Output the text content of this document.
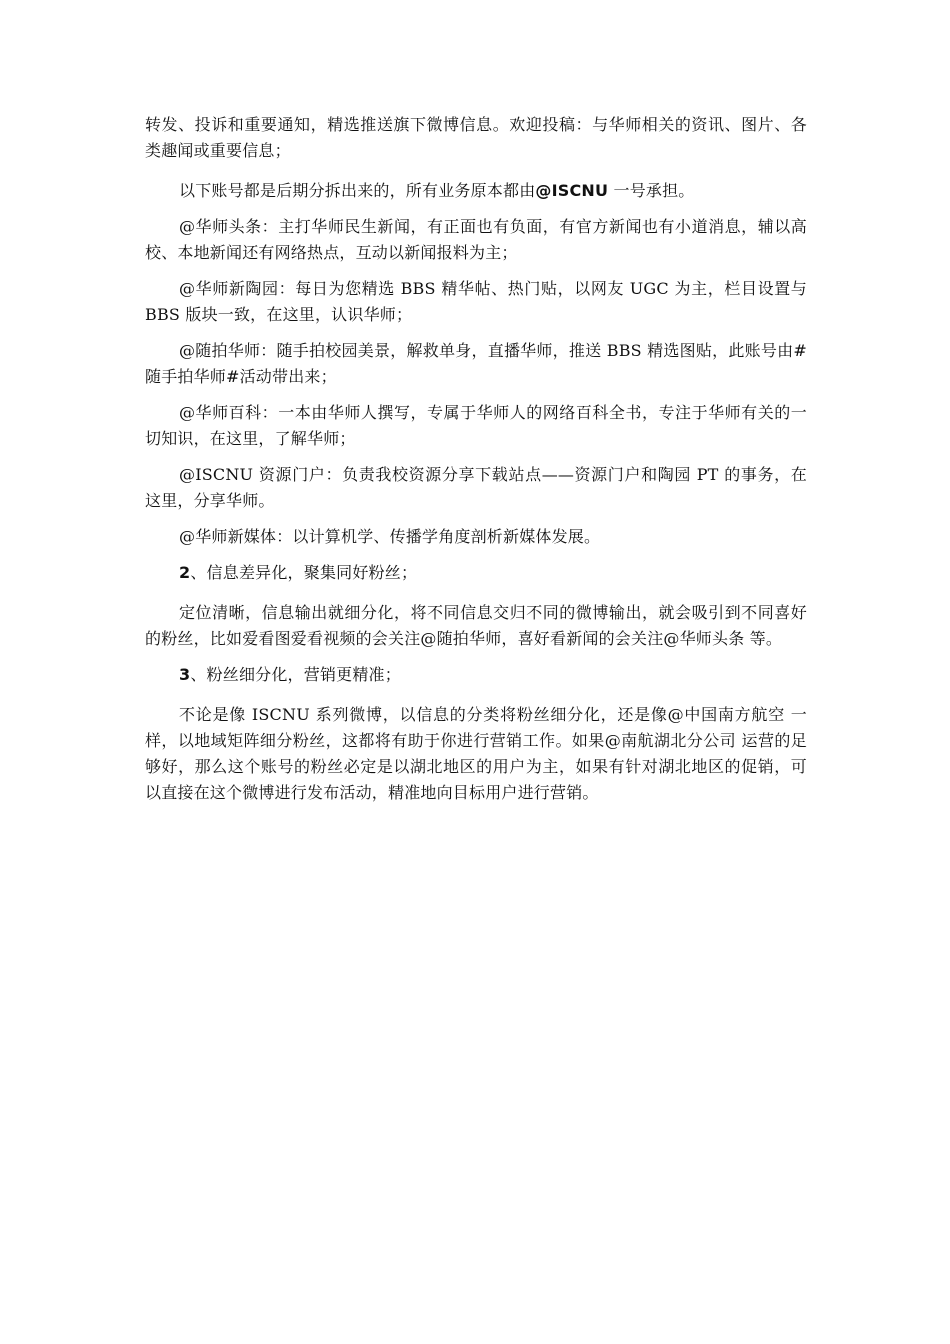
转发、投诉和重要通知，精选推送旗下微博信息。欢迎投稿：与华师相关的资讯、图片、各类趣闻或重要信息；

以下账号都是后期分拆出来的，所有业务原本都由@ISCNU 一号承担。

@华师头条：主打华师民生新闻，有正面也有负面，有官方新闻也有小道消息，辅以高校、本地新闻还有网络热点，互动以新闻报料为主；

@华师新陶园：每日为您精选 BBS 精华帖、热门贴，以网友 UGC 为主，栏目设置与 BBS 版块一致，在这里，认识华师；

@随拍华师：随手拍校园美景，解救单身，直播华师，推送 BBS 精选图贴，此账号由#随手拍华师#活动带出来；

@华师百科：一本由华师人撰写，专属于华师人的网络百科全书，专注于华师有关的一切知识，在这里，了解华师；

@ISCNU 资源门户：负责我校资源分享下载站点——资源门户和陶园 PT 的事务，在这里，分享华师。

@华师新媒体：以计算机学、传播学角度剖析新媒体发展。

2、信息差异化，聚集同好粉丝；

定位清晰，信息输出就细分化，将不同信息交归不同的微博输出，就会吸引到不同喜好的粉丝，比如爱看图爱看视频的会关注@随拍华师，喜好看新闻的会关注@华师头条 等。

3、粉丝细分化，营销更精准；

不论是像 ISCNU 系列微博，以信息的分类将粉丝细分化，还是像@中国南方航空 一样，以地域矩阵细分粉丝，这都将有助于你进行营销工作。如果@南航湖北分公司 运营的足够好，那么这个账号的粉丝必定是以湖北地区的用户为主，如果有针对湖北地区的促销，可以直接在这个微博进行发布活动，精准地向目标用户进行营销。
